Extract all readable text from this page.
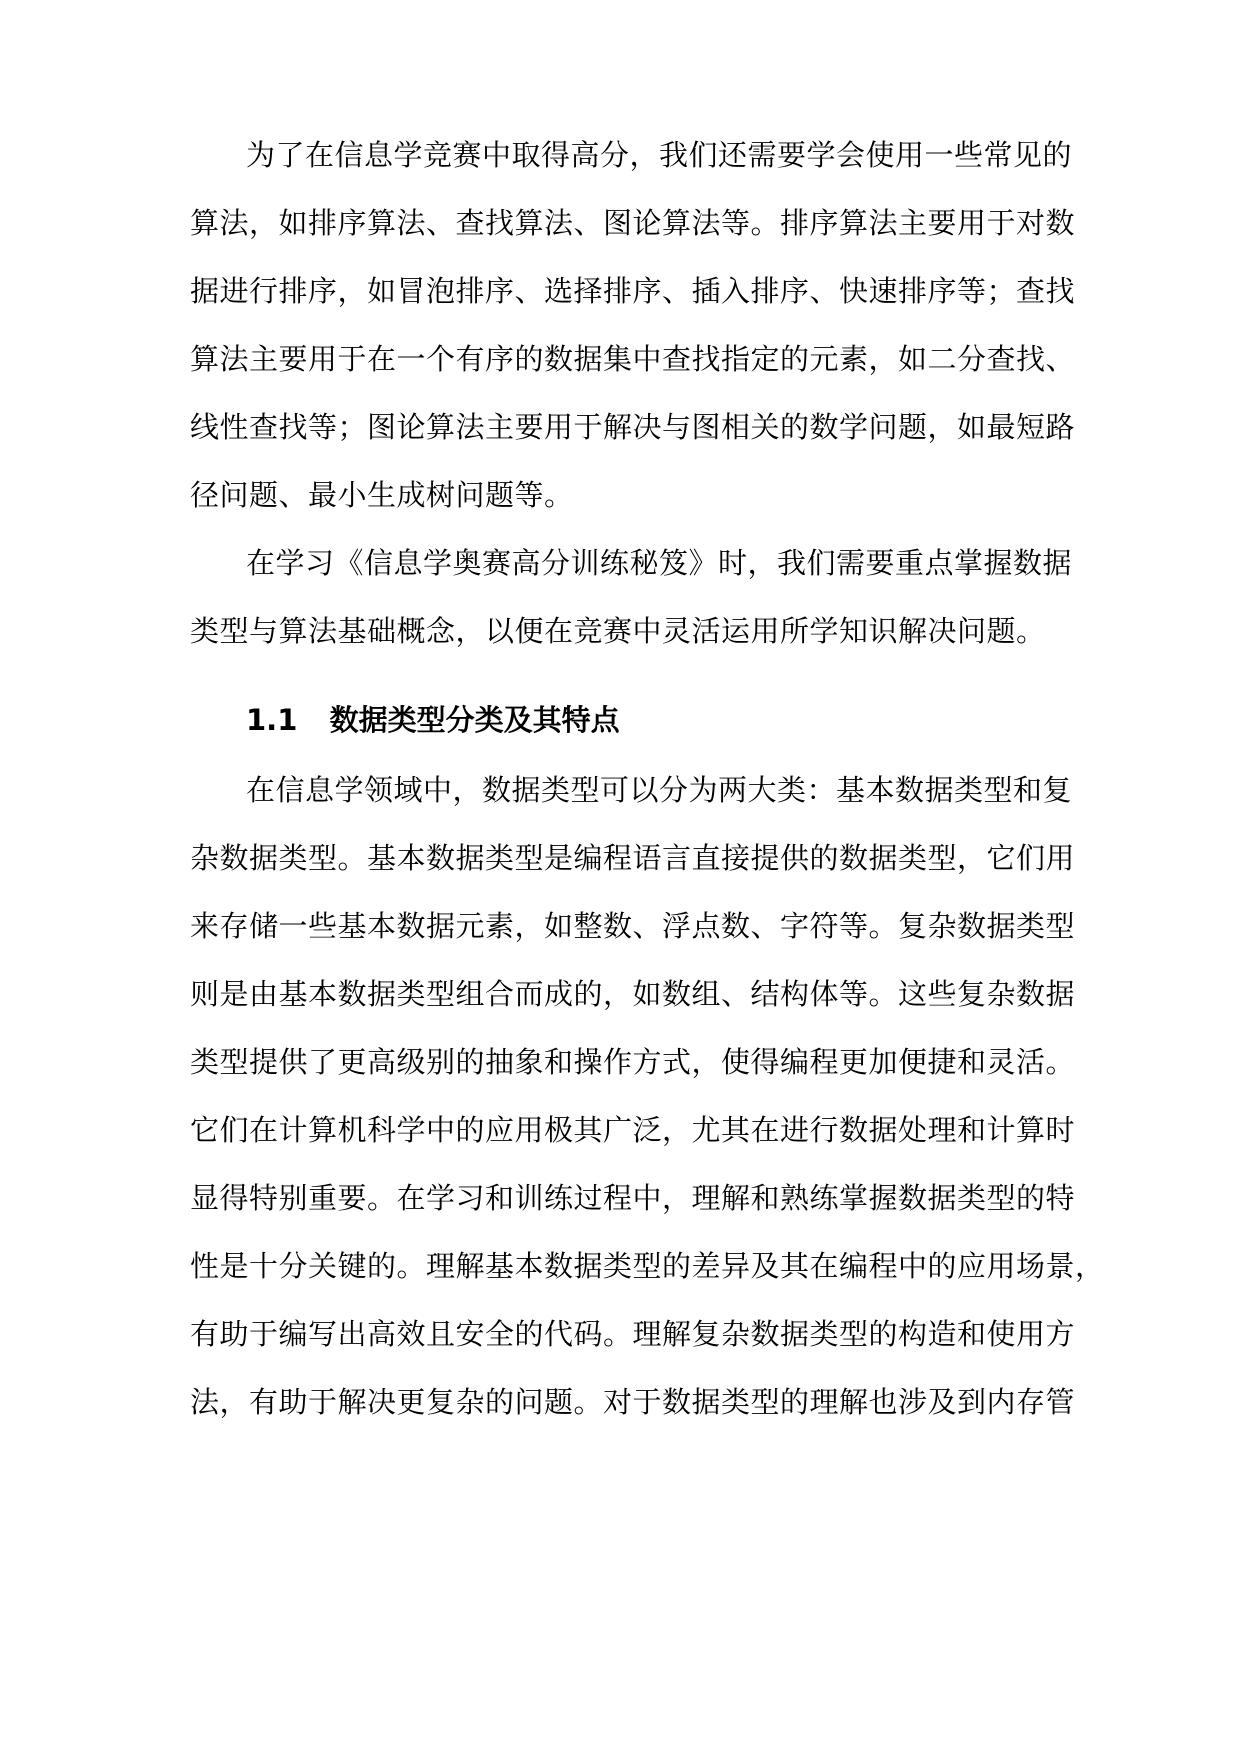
为了在信息学竞赛中取得高分，我们还需要学会使用一些常见的
算法，如排序算法、查找算法、图论算法等。排序算法主要用于对数
据进行排序，如冒泡排序、选择排序、插入排序、快速排序等；查找
算法主要用于在一个有序的数据集中查找指定的元素，如二分查找、
线性查找等；图论算法主要用于解决与图相关的数学问题，如最短路
径问题、最小生成树问题等。
在学习《信息学奥赛高分训练秘笈》时，我们需要重点掌握数据
类型与算法基础概念，以便在竞赛中灵活运用所学知识解决问题。
1.1 数据类型分类及其特点
在信息学领域中，数据类型可以分为两大类：基本数据类型和复
杂数据类型。基本数据类型是编程语言直接提供的数据类型，它们用
来存储一些基本数据元素，如整数、浮点数、字符等。复杂数据类型
则是由基本数据类型组合而成的，如数组、结构体等。这些复杂数据
类型提供了更高级别的抽象和操作方式，使得编程更加便捷和灵活。
它们在计算机科学中的应用极其广泛，尤其在进行数据处理和计算时
显得特别重要。在学习和训练过程中，理解和熟练掌握数据类型的特
性是十分关键的。理解基本数据类型的差异及其在编程中的应用场景，
有助于编写出高效且安全的代码。理解复杂数据类型的构造和使用方
法，有助于解决更复杂的问题。对于数据类型的理解也涉及到内存管
